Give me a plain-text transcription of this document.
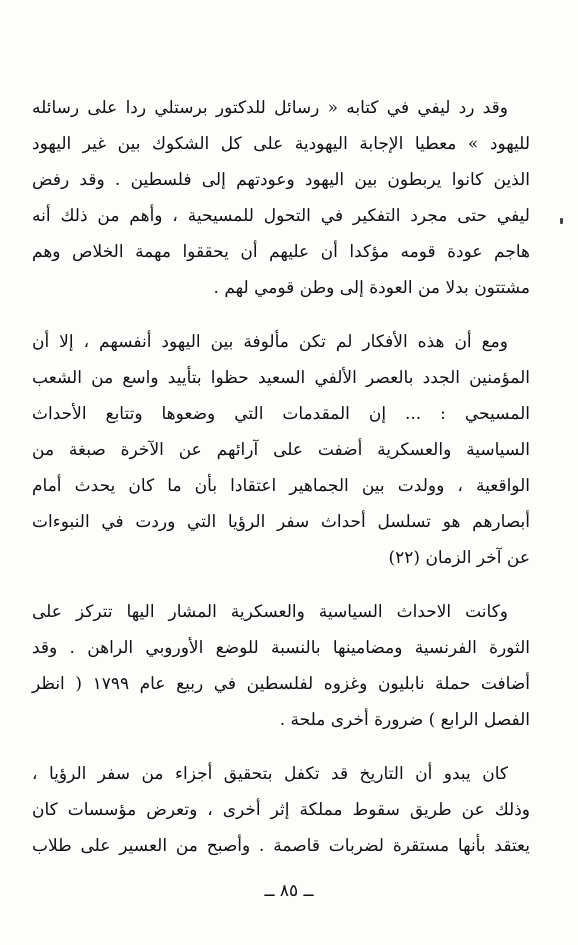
وقد رد ليفي في كتابه « رسائل للدكتور برستلي ردا على رسائله
لليهود » معطيا الإجابة اليهودية على كل الشكوك بين غير اليهود
الذين كانوا يربطون بين اليهود وعودتهم إلى فلسطين . وقد رفض
ليفي حتى مجرد التفكير في التحول للمسيحية ، وأهم من ذلك أنه
هاجم عودة قومه مؤكدا أن عليهم أن يحققوا مهمة الخلاص وهم
مشتتون بدلا من العودة إلى وطن قومي لهم .
ومع أن هذه الأفكار لم تكن مألوفة بين اليهود أنفسهم ، إلا أن
المؤمنين الجدد بالعصر الألفي السعيد حظوا بتأييد واسع من الشعب
المسيحي : ... إن المقدمات التي وضعوها وتتابع الأحداث
السياسية والعسكرية أضفت على آرائهم عن الآخرة صبغة من
الواقعية ، وولدت بين الجماهير اعتقادا بأن ما كان يحدث أمام
أبصارهم هو تسلسل أحداث سفر الرؤيا التي وردت في النبوءات
عن آخر الزمان (٢٢)
وكانت الاحداث السياسية والعسكرية المشار اليها تتركز على
الثورة الفرنسية ومضامينها بالنسبة للوضع الأوروبي الراهن . وقد
أضافت حملة نابليون وغزوه لفلسطين في ربيع عام ١٧٩٩ ( انظر
الفصل الرابع ) ضرورة أخرى ملحة .
كان يبدو أن التاريخ قد تكفل بتحقيق أجزاء من سفر الرؤيا ،
وذلك عن طريق سقوط مملكة إثر أخرى ، وتعرض مؤسسات كان
يعتقد بأنها مستقرة لضربات قاصمة . وأصبح من العسير على طلاب
ــ ٨٥ ــ
